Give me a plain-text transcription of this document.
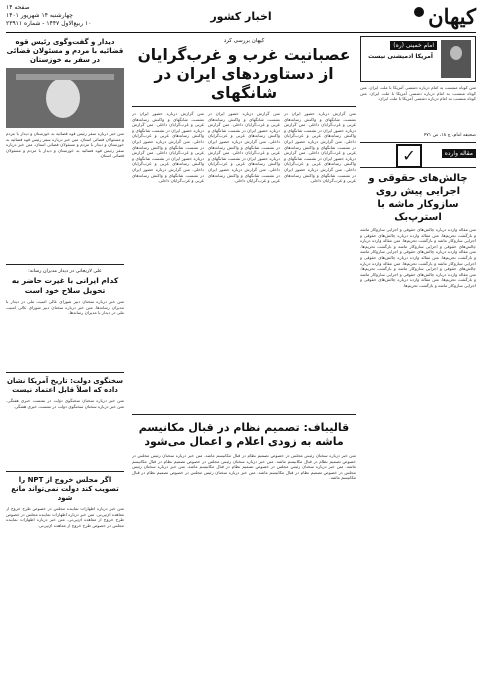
کیهان
اخبار کشور
صفحه ۱۴
چهارشنبه ۱۴ شهریور ۱۴۰۱
۱۰ ربیع‌الاول ۱۴۴۷ - شماره ۲۳۹۱۱
امام خمینی (ره)
آمریکا ادمیشنی نیست
متن کوتاه منتسب به امام درباره دشمنی آمریکا با ملت ایران. متن کوتاه منتسب به امام درباره دشمنی آمریکا با ملت ایران. متن کوتاه منتسب به امام درباره دشمنی آمریکا با ملت ایران.
صحیفه امام، ج ۱۸، ص ۴۷۱
مقاله وارده
✓
چالش‌های حقوقی و اجرایی پیش روی سازوکار ماشه با استرپ‌بک
متن مقاله وارده درباره چالش‌های حقوقی و اجرایی سازوکار ماشه و بازگشت تحریم‌ها. متن مقاله وارده درباره چالش‌های حقوقی و اجرایی سازوکار ماشه و بازگشت تحریم‌ها. متن مقاله وارده درباره چالش‌های حقوقی و اجرایی سازوکار ماشه و بازگشت تحریم‌ها. متن مقاله وارده درباره چالش‌های حقوقی و اجرایی سازوکار ماشه و بازگشت تحریم‌ها. متن مقاله وارده درباره چالش‌های حقوقی و اجرایی سازوکار ماشه و بازگشت تحریم‌ها. متن مقاله وارده درباره چالش‌های حقوقی و اجرایی سازوکار ماشه و بازگشت تحریم‌ها. متن مقاله وارده درباره چالش‌های حقوقی و اجرایی سازوکار ماشه و بازگشت تحریم‌ها. متن مقاله وارده درباره چالش‌های حقوقی و اجرایی سازوکار ماشه و بازگشت تحریم‌ها.
کیهان بررسی کرد
عصبانیت غرب و غرب‌گرایان از دستاوردهای ایران در شانگهای
متن گزارش درباره حضور ایران در نشست شانگهای و واکنش رسانه‌های غربی و غرب‌گرایان داخلی. متن گزارش درباره حضور ایران در نشست شانگهای و واکنش رسانه‌های غربی و غرب‌گرایان داخلی. متن گزارش درباره حضور ایران در نشست شانگهای و واکنش رسانه‌های غربی و غرب‌گرایان داخلی. متن گزارش درباره حضور ایران در نشست شانگهای و واکنش رسانه‌های غربی و غرب‌گرایان داخلی. متن گزارش درباره حضور ایران در نشست شانگهای و واکنش رسانه‌های غربی و غرب‌گرایان داخلی.
متن گزارش درباره حضور ایران در نشست شانگهای و واکنش رسانه‌های غربی و غرب‌گرایان داخلی. متن گزارش درباره حضور ایران در نشست شانگهای و واکنش رسانه‌های غربی و غرب‌گرایان داخلی. متن گزارش درباره حضور ایران در نشست شانگهای و واکنش رسانه‌های غربی و غرب‌گرایان داخلی. متن گزارش درباره حضور ایران در نشست شانگهای و واکنش رسانه‌های غربی و غرب‌گرایان داخلی. متن گزارش درباره حضور ایران در نشست شانگهای و واکنش رسانه‌های غربی و غرب‌گرایان داخلی.
متن گزارش درباره حضور ایران در نشست شانگهای و واکنش رسانه‌های غربی و غرب‌گرایان داخلی. متن گزارش درباره حضور ایران در نشست شانگهای و واکنش رسانه‌های غربی و غرب‌گرایان داخلی. متن گزارش درباره حضور ایران در نشست شانگهای و واکنش رسانه‌های غربی و غرب‌گرایان داخلی. متن گزارش درباره حضور ایران در نشست شانگهای و واکنش رسانه‌های غربی و غرب‌گرایان داخلی. متن گزارش درباره حضور ایران در نشست شانگهای و واکنش رسانه‌های غربی و غرب‌گرایان داخلی.
قالیباف: تصمیم نظام در قبال مکانیسم ماشه به زودی اعلام و اعمال می‌شود
متن خبر درباره سخنان رئیس مجلس در خصوص تصمیم نظام در قبال مکانیسم ماشه. متن خبر درباره سخنان رئیس مجلس در خصوص تصمیم نظام در قبال مکانیسم ماشه. متن خبر درباره سخنان رئیس مجلس در خصوص تصمیم نظام در قبال مکانیسم ماشه. متن خبر درباره سخنان رئیس مجلس در خصوص تصمیم نظام در قبال مکانیسم ماشه. متن خبر درباره سخنان رئیس مجلس در خصوص تصمیم نظام در قبال مکانیسم ماشه. متن خبر درباره سخنان رئیس مجلس در خصوص تصمیم نظام در قبال مکانیسم ماشه.
دیدار و گفت‌وگوی رئیس قوه قضائیه با مردم و مسئولان قضائی در سفر به خوزستان
متن خبر درباره سفر رئیس قوه قضائیه به خوزستان و دیدار با مردم و مسئولان قضائی استان. متن خبر درباره سفر رئیس قوه قضائیه به خوزستان و دیدار با مردم و مسئولان قضائی استان. متن خبر درباره سفر رئیس قوه قضائیه به خوزستان و دیدار با مردم و مسئولان قضائی استان.
علی لاریجانی در دیدار مدیران رسانه:
کدام ایرانی با غیرت حاضر به تحویل سلاح خود است
متن خبر درباره سخنان دبیر شورای عالی امنیت ملی در دیدار با مدیران رسانه‌ها. متن خبر درباره سخنان دبیر شورای عالی امنیت ملی در دیدار با مدیران رسانه‌ها.
سخنگوی دولت: تاریخ آمریکا نشان داده که اصلاً قابل اعتماد نیست
متن خبر درباره سخنان سخنگوی دولت در نشست خبری هفتگی. متن خبر درباره سخنان سخنگوی دولت در نشست خبری هفتگی.
اگر مجلس خروج از NPT را تصویب کند دولت نمی‌تواند مانع شود
متن خبر درباره اظهارات نماینده مجلس در خصوص طرح خروج از معاهده ان‌پی‌تی. متن خبر درباره اظهارات نماینده مجلس در خصوص طرح خروج از معاهده ان‌پی‌تی. متن خبر درباره اظهارات نماینده مجلس در خصوص طرح خروج از معاهده ان‌پی‌تی.
